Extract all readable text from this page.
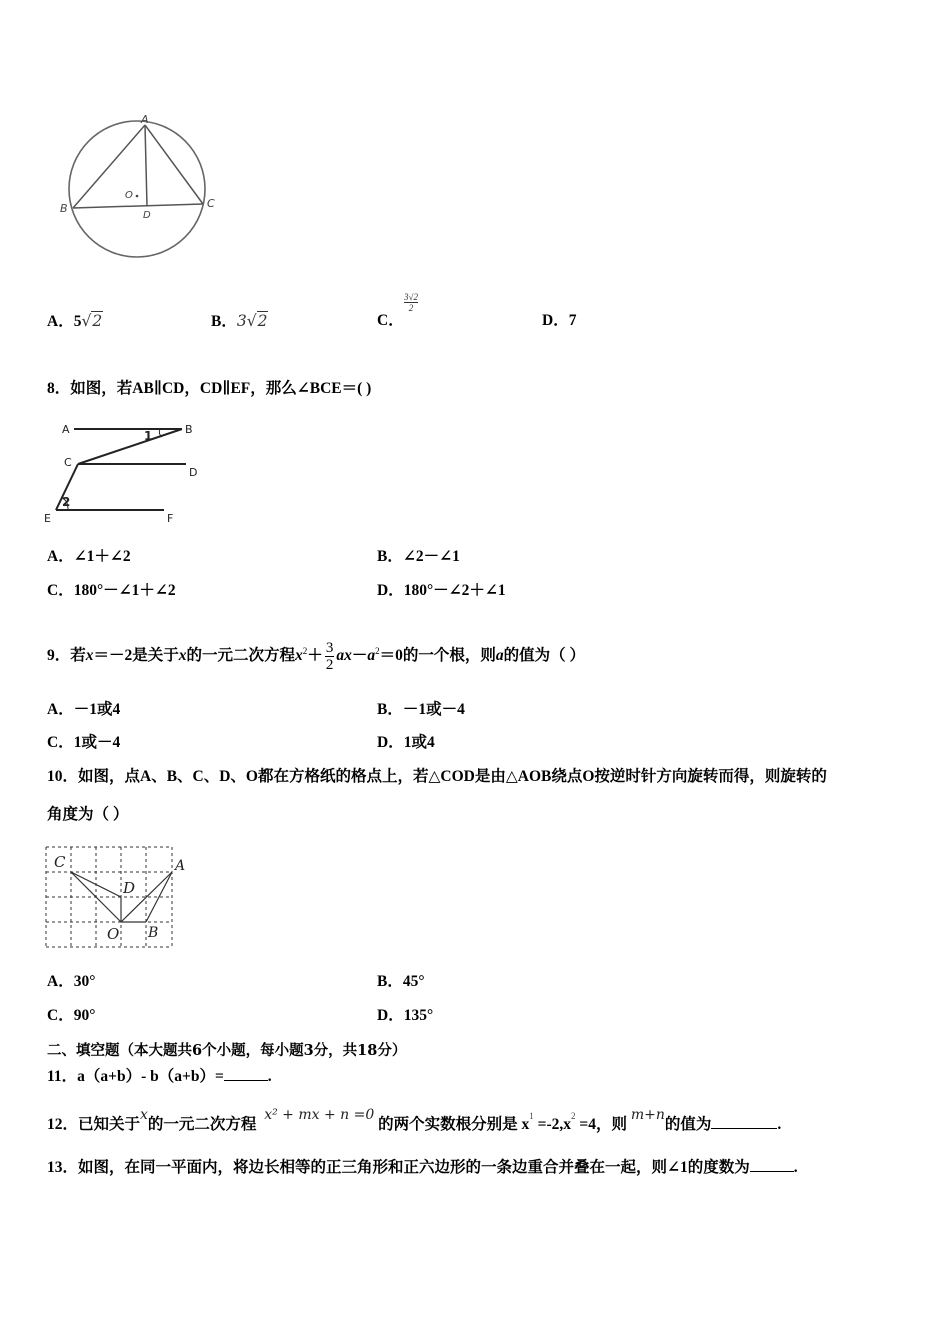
A
B	C
D
O
A．5√2	B．3√2	C．
$\frac{3√2}{2}$
D．7
8．如图，若AB∥CD，CD∥EF，那么∠BCE＝( )
A	B
C
D
E	F
1
2
A．∠1＋∠2	B．∠2－∠1
C．180°－∠1＋∠2	D．180°－∠2＋∠1
9．若x＝－2是关于x的一元二次方程$x^2+ \frac{3}{2} ax-a^2=0$的一个根，则a的值为（ ）
A．－1或4	B．－1或－4
C．1或－4	D．1或4
10．如图，点A、B、C、D、O都在方格纸的格点上，若△COD是由△AOB绕点O按逆时针方向旋转而得，则旋转的
角度为（ ）
C	A
D
O B
A．30°	B．45°
C．90°	D．135°
二、填空题（本大题共6个小题，每小题3分，共18分）
11．a（a+b）- b（a+b）=	.
12．已知关于x的一元二次方程  x² + mx + n =0 的两个实数根分别是 $x^1 =-2,x^2 =4$，则 m+n的值为	.
13．如图，在同一平面内，将边长相等的正三角形和正六边形的一条边重合并叠在一起，则∠1的度数为	.
